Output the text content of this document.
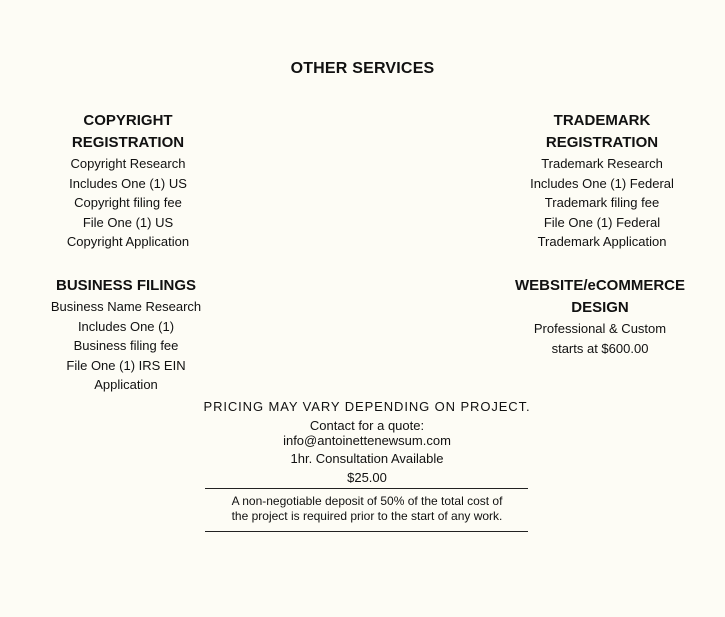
OTHER SERVICES
COPYRIGHT
REGISTRATION
Copyright Research
Includes One (1) US
Copyright filing fee
File One (1) US
Copyright Application
TRADEMARK
REGISTRATION
Trademark Research
Includes One (1) Federal
Trademark filing fee
File One (1) Federal
Trademark Application
BUSINESS FILINGS
Business Name Research
Includes One (1)
Business filing fee
File One (1) IRS EIN
Application
WEBSITE/eCOMMERCE
DESIGN
Professional & Custom
starts at $600.00
PRICING MAY VARY DEPENDING ON PROJECT.
Contact for a quote:
info@antoinettenewsum.com
1hr. Consultation Available
$25.00
A non-negotiable deposit of 50% of the total cost of
the project is required prior to the start of any work.
